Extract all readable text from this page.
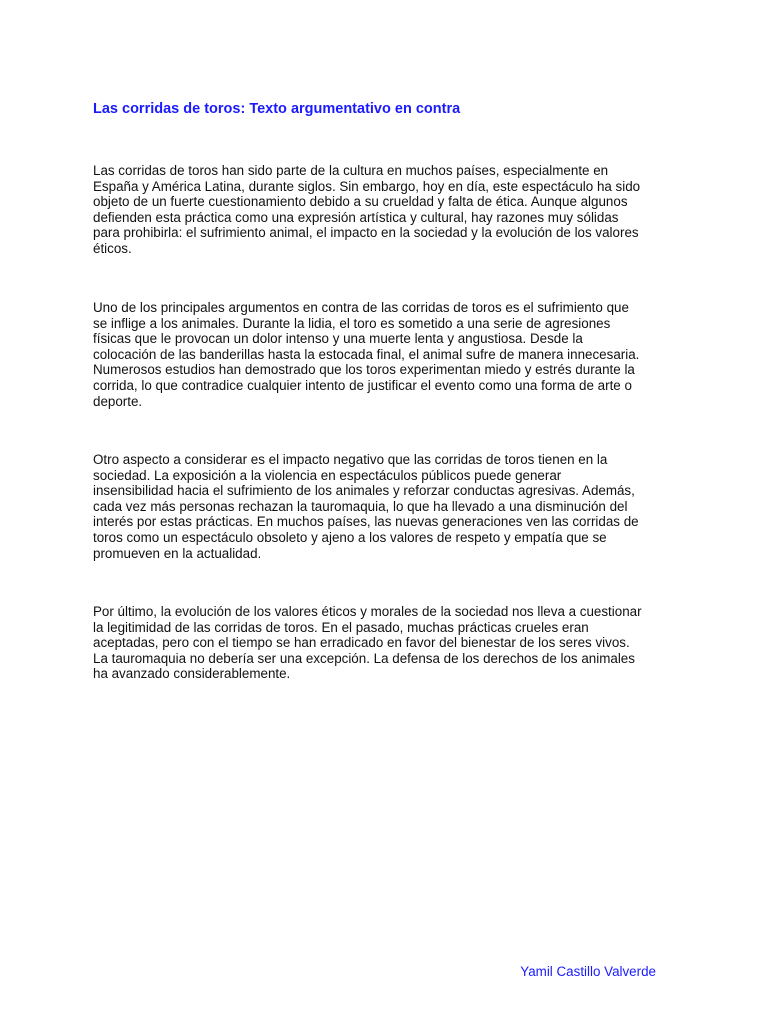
Las corridas de toros: Texto argumentativo en contra
Las corridas de toros han sido parte de la cultura en muchos países, especialmente en
España y América Latina, durante siglos. Sin embargo, hoy en día, este espectáculo ha sido
objeto de un fuerte cuestionamiento debido a su crueldad y falta de ética. Aunque algunos
defienden esta práctica como una expresión artística y cultural, hay razones muy sólidas
para prohibirla: el sufrimiento animal, el impacto en la sociedad y la evolución de los valores
éticos.
Uno de los principales argumentos en contra de las corridas de toros es el sufrimiento que
se inflige a los animales. Durante la lidia, el toro es sometido a una serie de agresiones
físicas que le provocan un dolor intenso y una muerte lenta y angustiosa. Desde la
colocación de las banderillas hasta la estocada final, el animal sufre de manera innecesaria.
Numerosos estudios han demostrado que los toros experimentan miedo y estrés durante la
corrida, lo que contradice cualquier intento de justificar el evento como una forma de arte o
deporte.
Otro aspecto a considerar es el impacto negativo que las corridas de toros tienen en la
sociedad. La exposición a la violencia en espectáculos públicos puede generar
insensibilidad hacia el sufrimiento de los animales y reforzar conductas agresivas. Además,
cada vez más personas rechazan la tauromaquia, lo que ha llevado a una disminución del
interés por estas prácticas. En muchos países, las nuevas generaciones ven las corridas de
toros como un espectáculo obsoleto y ajeno a los valores de respeto y empatía que se
promueven en la actualidad.
Por último, la evolución de los valores éticos y morales de la sociedad nos lleva a cuestionar
la legitimidad de las corridas de toros. En el pasado, muchas prácticas crueles eran
aceptadas, pero con el tiempo se han erradicado en favor del bienestar de los seres vivos.
La tauromaquia no debería ser una excepción. La defensa de los derechos de los animales
ha avanzado considerablemente.

Yamil Castillo Valverde
